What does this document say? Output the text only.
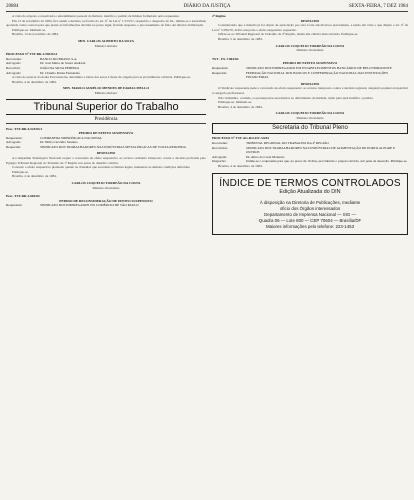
20884	DIÁRIO DA JUSTIÇA	SEXTA-FEIRA, 7 DEZ 1984

A vista do exposto e ressalvado o entendimento pessoal do Relator, indefiro o pedido de liminar formulado pelo requerente.

Em 13 de novembro de 1984, fica assim a decisão, na forma do art. 6º da Lei nº 1.533/51, requerido o despacho de fls., intime-se a autoridade apontada como coatora para que preste as informações devidas no prazo legal, ficando suspenso o processamento do feito até ulterior deliberação.

Publique-se. Intimem-se.

Brasília, 13 de novembro de 1984.

MIN. CARLOS ALBERTO DA SILVA

Ministro-Relator

PROCESSO Nº TST-RR-2.583/84.4

Recorrente:	BANCO DO BRASIL S.A.
Advogado:	Dr. José Maria de Souza Andrade
Recorrido:	JOÃO DA SILVA PEREIRA
Advogado:	Dr. Cláudio Penna Fernandes

A vista do parecer da douta Procuradoria, determino a baixa dos autos à Junta de origem para as providências cabíveis. Publique-se.

Brasília, 4 de dezembro de 1984.

MIN. MARCO AURÉLIO MENDES DE FARIAS MELLO

Ministro-Relator

Tribunal Superior do Trabalho
Presidência

Proc. TST-RR-6.524/84.3

PEDIDO DE EFEITO SUSPENSIVO

Requerente:	COMPANHIA SIDERÚRGICA NACIONAL
Advogado:	Dr. Hélio Carvalho Santana
Requerido:	SINDICATO DOS TRABALHADORES NAS INDÚSTRIAS METALÚRGICAS DE VOLTA REDONDA

DESPACHO

A Companhia Siderúrgica Nacional requer a concessão de efeito suspensivo ao recurso ordinário interposto contra a decisão proferida pelo Egrégio Tribunal Regional do Trabalho da 1ª Região nos autos do dissídio coletivo.

Concedo o efeito suspensivo pleiteado quanto às cláusulas que excedem os limites legais, mantendo as demais condições deferidas.

Publique-se.

Brasília, 4 de dezembro de 1984.

CARLOS COQUEIJO TORREÃO DA COSTA

Ministro-Presidente

Proc. TST-RR-3.864/84

PEDIDO DE RECONSIDERAÇÃO DE EFEITO SUSPENSIVO

Requerente:	SINDICATO DOS EMPREGADOS NO COMÉRCIO DE SÃO PAULO

2ª Região

DESPACHO

Considerando que a matéria já foi objeto de apreciação por esta Corte em diversos precedentes, e tendo em vista o que dispõe o art. 9º da Lei nº 5.584/70, defiro em parte o efeito suspensivo requerido.

Oficie-se ao Tribunal Regional do Trabalho da 2ª Região, dando-lhe ciência desta decisão. Publique-se.

Brasília, 5 de dezembro de 1984.

CARLOS COQUEIJO TORREÃO DA COSTA

Ministro-Presidente

TST - ES-7.804/84

PEDIDO DE EFEITO SUSPENSIVO

Requerente:	SINDICATO DOS EMPREGADOS EM ESTABELECIMENTOS BANCÁRIOS DE BELO HORIZONTE
Requerido:	FEDERAÇÃO NACIONAL DOS BANCOS E CONFEDERAÇÃO NACIONAL DAS INSTITUIÇÕES FINANCEIRAS

DESPACHO

O Sindicato requerente pede a concessão de efeito suspensivo ao recurso interposto contra a decisão regional, alegando prejuízo irreparável à categoria profissional.

Não vislumbro, contudo, os pressupostos necessários ao deferimento da medida, razão pela qual indefiro o pedido.

Publique-se. Intimem-se.

Brasília, 4 de dezembro de 1984.

CARLOS COQUEIJO TORREÃO DA COSTA

Ministro-Presidente

Secretaria do Tribunal Pleno

PROCESSO Nº TST-AG-RO-DC-54/84

Recorrente:	TRIBUNAL REGIONAL DO TRABALHO DA 4ª REGIÃO
Recorridos:	SINDICATO DOS TRABALHADORES NAS INDÚSTRIAS DE ALIMENTAÇÃO DE PORTO ALEGRE E OUTROS
Advogado:	Dr. Alino da Costa Monteiro
Despacho:	Intime-se o requerente para que, no prazo de 10 dias, providencie o preparo devido, sob pena de deserção. Publique-se.

Brasília, 4 de dezembro de 1984.

ÍNDICE DE TERMOS CONTROLADOS
Edição Atualizada do DIN
À disposição na Diretoria de Publicações, mediante
oficio dos Órgãos interessados
Departamento de Imprensa Nacional — SIG —
Quadra 06 — Lote 800 — CEP 70604 — Brasília/DF
Maiores informações pelo telefone: 223-1453
